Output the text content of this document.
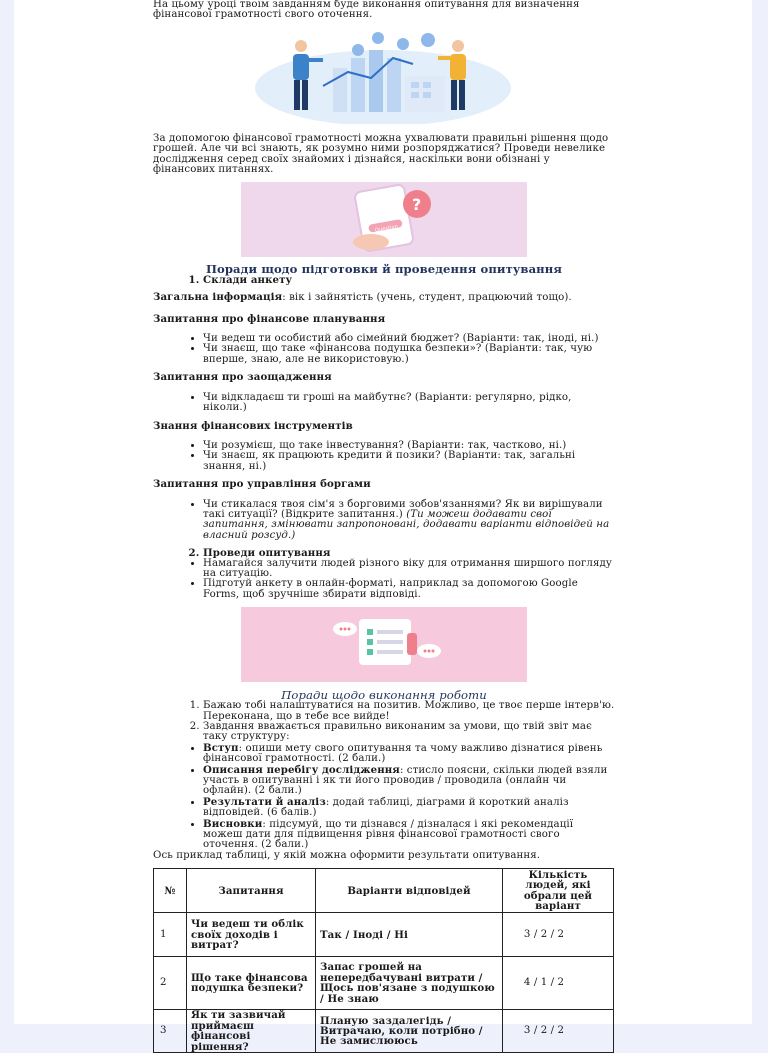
На цьому уроці твоїм завданням буде виконання опитування для визначення фінансової грамотності свого оточення.

За допомогою фінансової грамотності можна ухвалювати правильні рішення щодо грошей. Але чи всі знають, як розумно ними розпоряджатися? Проведи невелике дослідження серед своїх знайомих і дізнайся, наскільки вони обізнані у фінансових питаннях.

Question
?

Поради щодо підготовки й проведення опитування

1. Склади анкету

Загальна інформація: вік і зайнятість (учень, студент, працюючий тощо).

Запитання про фінансове планування

• Чи ведеш ти особистий або сімейний бюджет? (Варіанти: так, іноді, ні.)
• Чи знаєш, що таке «фінансова подушка безпеки»? (Варіанти: так, чую вперше, знаю, але не використовую.)

Запитання про заощадження

• Чи відкладаєш ти гроші на майбутнє? (Варіанти: регулярно, рідко, ніколи.)

Знання фінансових інструментів

• Чи розумієш, що таке інвестування? (Варіанти: так, частково, ні.)
• Чи знаєш, як працюють кредити й позики? (Варіанти: так, загальні знання, ні.)

Запитання про управління боргами

• Чи стикалася твоя сім'я з борговими зобов'язаннями? Як ви вирішували такі ситуації? (Відкрите запитання.) (Ти можеш додавати свої запитання, змінювати запропоновані, додавати варіанти відповідей на власний розсуд.)
2. Проведи опитування
• Намагайся залучити людей різного віку для отримання ширшого погляду на ситуацію.
• Підготуй анкету в онлайн-форматі, наприклад за допомогою Google Forms, щоб зручніше збирати відповіді.

Поради щодо виконання роботи

1. Бажаю тобі налаштуватися на позитив. Можливо, це твоє перше інтерв'ю. Переконана, що в тебе все вийде!
2. Завдання вважається правильно виконаним за умови, що твій звіт має таку структуру:
• Вступ: опиши мету свого опитування та чому важливо дізнатися рівень фінансової грамотності. (2 бали.)
• Описання перебігу дослідження: стисло поясни, скільки людей взяли участь в опитуванні і як ти його проводив / проводила (онлайн чи офлайн). (2 бали.)
• Результати й аналіз: додай таблиці, діаграми й короткий аналіз відповідей. (6 балів.)
• Висновки: підсумуй, що ти дізнався / дізналася і які рекомендації можеш дати для підвищення рівня фінансової грамотності свого оточення. (2 бали.)

Ось приклад таблиці, у якій можна оформити результати опитування.

№	Запитання	Варіанти відповідей	Кількість людей, які обрали цей варіант
1	Чи ведеш ти облік своїх доходів і витрат?	Так / Іноді / Ні	3 / 2 / 2
2	Що таке фінансова подушка безпеки?	Запас грошей на непередбачувані витрати / Щось пов'язане з подушкою / Не знаю	4 / 1 / 2
3	Як ти зазвичай приймаєш фінансові рішення?	Планую заздалегідь / Витрачаю, коли потрібно / Не замислююсь	3 / 2 / 2
